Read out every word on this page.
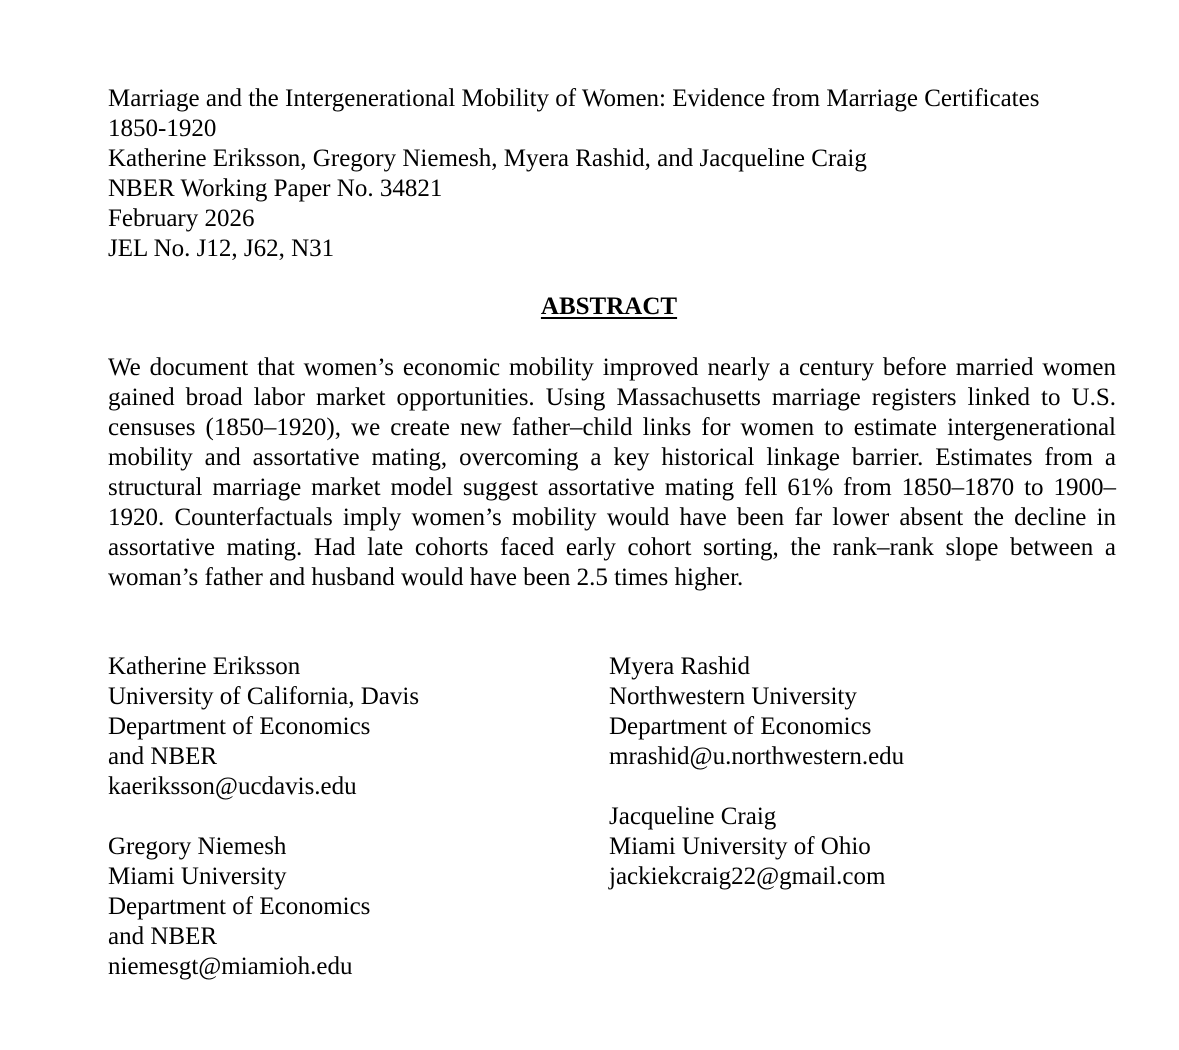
Marriage and the Intergenerational Mobility of Women: Evidence from Marriage Certificates
1850-1920
Katherine Eriksson, Gregory Niemesh, Myera Rashid, and Jacqueline Craig
NBER Working Paper No. 34821
February 2026
JEL No. J12, J62, N31
ABSTRACT

We document that women’s economic mobility improved nearly a century before married women gained broad labor market opportunities. Using Massachusetts marriage registers linked to U.S. censuses (1850–1920), we create new father–child links for women to estimate intergenerational mobility and assortative mating, overcoming a key historical linkage barrier. Estimates from a structural marriage market model suggest assortative mating fell 61% from 1850–1870 to 1900–1920. Counterfactuals imply women’s mobility would have been far lower absent the decline in assortative mating. Had late cohorts faced early cohort sorting, the rank–rank slope between a woman’s father and husband would have been 2.5 times higher.

Katherine Eriksson
University of California, Davis
Department of Economics
and NBER
kaeriksson@ucdavis.edu
Gregory Niemesh
Miami University
Department of Economics
and NBER
niemesgt@miamioh.edu
Myera Rashid
Northwestern University
Department of Economics
mrashid@u.northwestern.edu
Jacqueline Craig
Miami University of Ohio
jackiekcraig22@gmail.com
